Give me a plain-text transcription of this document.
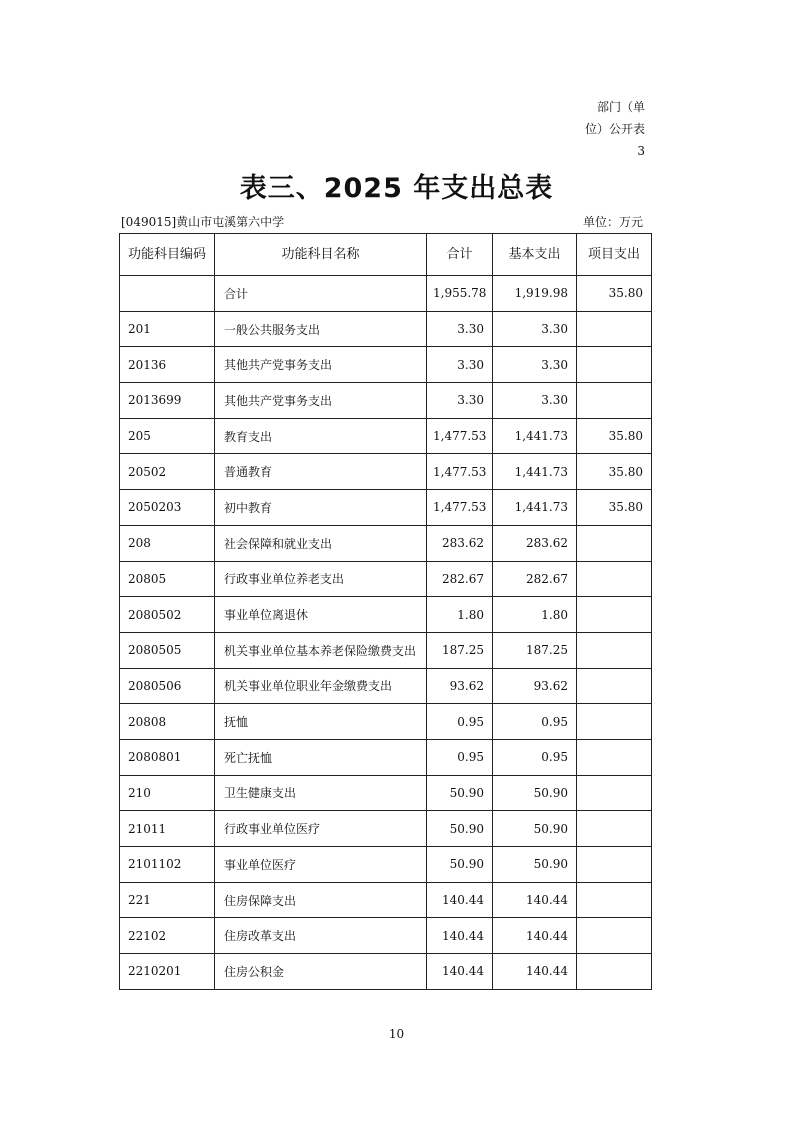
部门（单
位）公开表
3
表三、2025 年支出总表
[049015]黄山市屯溪第六中学	单位：万元
功能科目编码	功能科目名称	合计	基本支出	项目支出
	合计	1,955.78	1,919.98	35.80
201	一般公共服务支出	3.30	3.30	
20136	其他共产党事务支出	3.30	3.30	
2013699	其他共产党事务支出	3.30	3.30	
205	教育支出	1,477.53	1,441.73	35.80
20502	普通教育	1,477.53	1,441.73	35.80
2050203	初中教育	1,477.53	1,441.73	35.80
208	社会保障和就业支出	283.62	283.62	
20805	行政事业单位养老支出	282.67	282.67	
2080502	事业单位离退休	1.80	1.80	
2080505	机关事业单位基本养老保险缴费支出	187.25	187.25	
2080506	机关事业单位职业年金缴费支出	93.62	93.62	
20808	抚恤	0.95	0.95	
2080801	死亡抚恤	0.95	0.95	
210	卫生健康支出	50.90	50.90	
21011	行政事业单位医疗	50.90	50.90	
2101102	事业单位医疗	50.90	50.90	
221	住房保障支出	140.44	140.44	
22102	住房改革支出	140.44	140.44	
2210201	住房公积金	140.44	140.44	
10
